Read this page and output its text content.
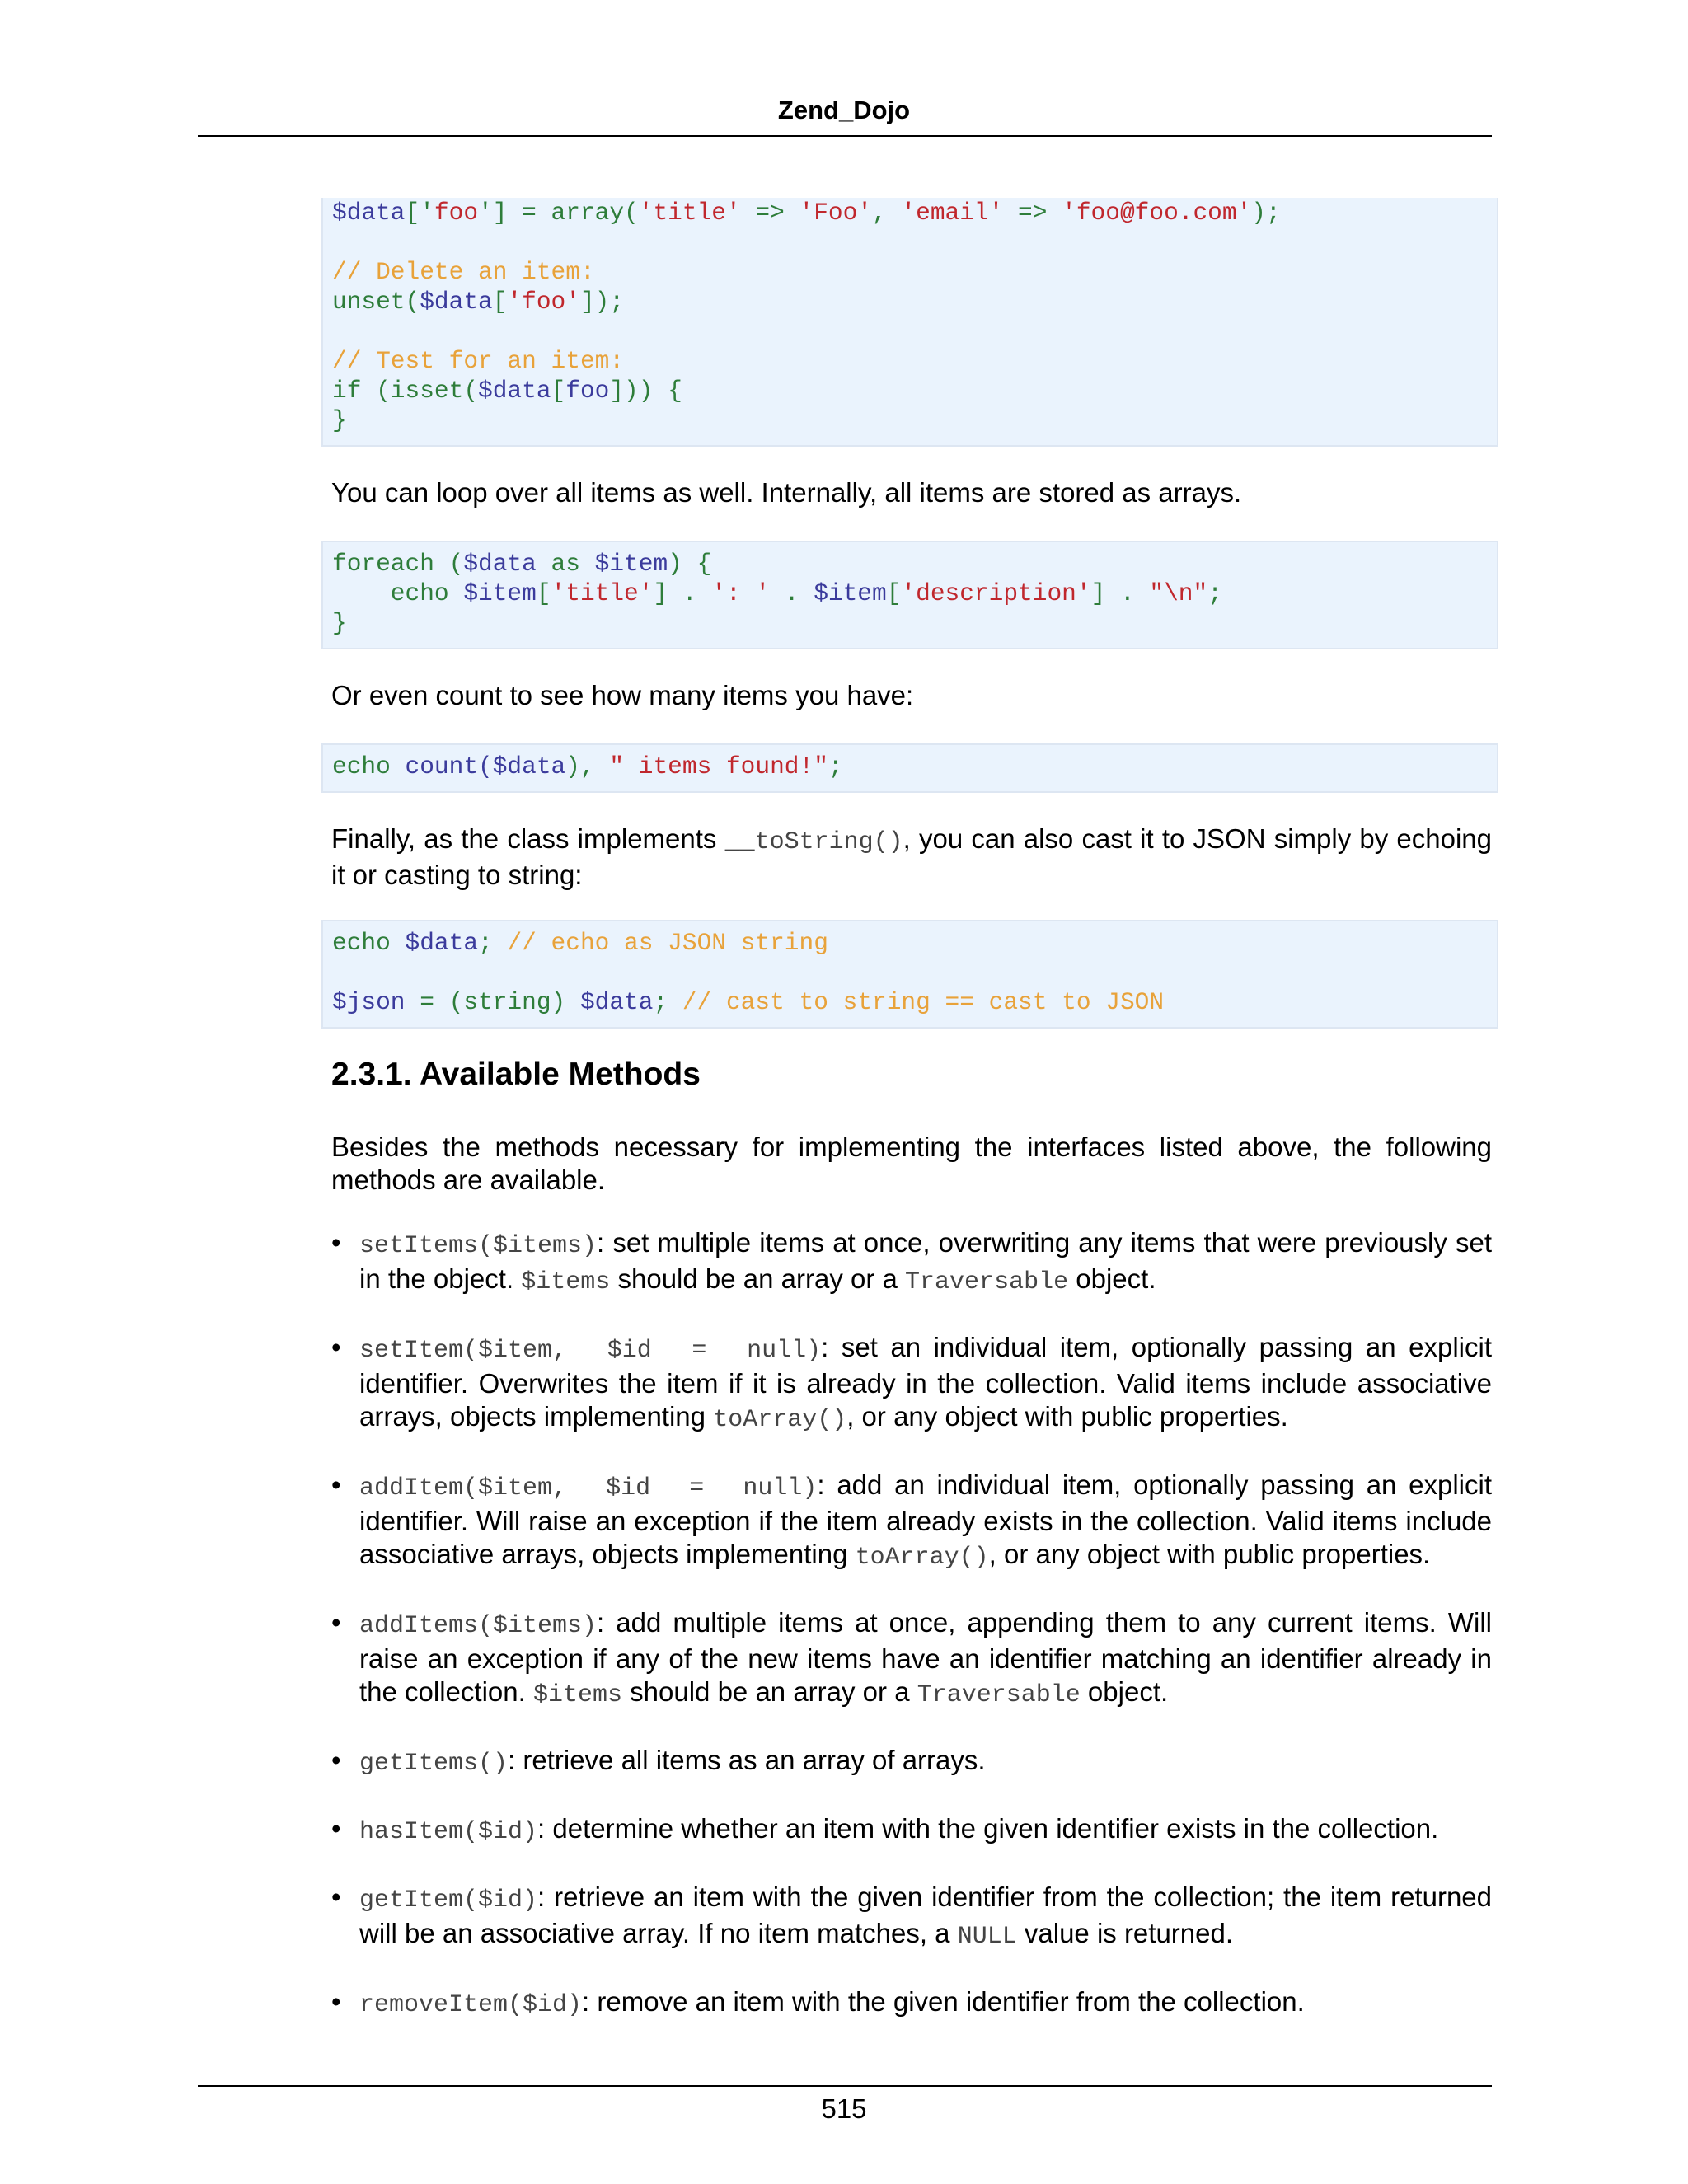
Zend_Dojo
$data['foo'] = array('title' => 'Foo', 'email' => 'foo@foo.com');
// Delete an item:
unset($data['foo']);
// Test for an item:
if (isset($data[foo])) {
}
You can loop over all items as well. Internally, all items are stored as arrays.
foreach ($data as $item) {
echo $item['title'] . ': ' . $item['description'] . "\n";
}
Or even count to see how many items you have:
echo count($data), " items found!";
Finally, as the class implements __toString(), you can also cast it to JSON simply by echoing it or casting to string:
echo $data; // echo as JSON string
$json = (string) $data; // cast to string == cast to JSON
2.3.1. Available Methods
Besides the methods necessary for implementing the interfaces listed above, the following methods are available.
• setItems($items): set multiple items at once, overwriting any items that were previously set in the object. $items should be an array or a Traversable object.
• setItem($item,  $id  =  null): set an individual item, optionally passing an explicit identifier. Overwrites the item if it is already in the collection. Valid items include associative arrays, objects implementing toArray(), or any object with public properties.
• addItem($item,  $id  =  null): add an individual item, optionally passing an explicit identifier. Will raise an exception if the item already exists in the collection. Valid items include associative arrays, objects implementing toArray(), or any object with public properties.
• addItems($items): add multiple items at once, appending them to any current items. Will raise an exception if any of the new items have an identifier matching an identifier already in the collection. $items should be an array or a Traversable object.
• getItems(): retrieve all items as an array of arrays.
• hasItem($id): determine whether an item with the given identifier exists in the collection.
• getItem($id): retrieve an item with the given identifier from the collection; the item returned will be an associative array. If no item matches, a NULL value is returned.
• removeItem($id): remove an item with the given identifier from the collection.
515
